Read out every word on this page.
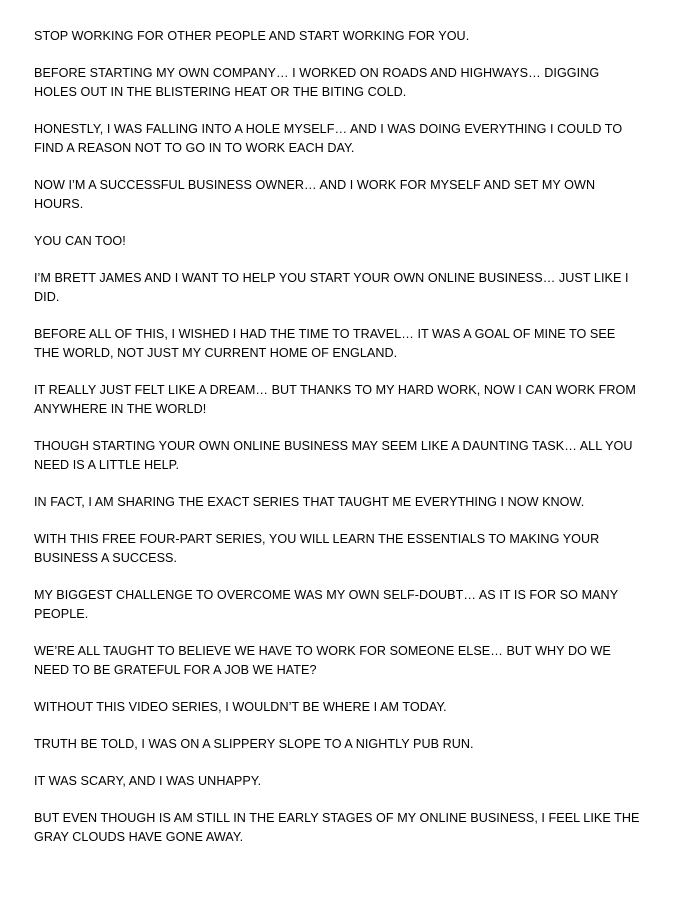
STOP WORKING FOR OTHER PEOPLE AND START WORKING FOR YOU.

BEFORE STARTING MY OWN COMPANY… I WORKED ON ROADS AND HIGHWAYS… DIGGING HOLES OUT IN THE BLISTERING HEAT OR THE BITING COLD.

HONESTLY, I WAS FALLING INTO A HOLE MYSELF… AND I WAS DOING EVERYTHING I COULD TO FIND A REASON NOT TO GO IN TO WORK EACH DAY.

NOW I’M A SUCCESSFUL BUSINESS OWNER… AND I WORK FOR MYSELF AND SET MY OWN HOURS.

YOU CAN TOO!

I’M BRETT JAMES AND I WANT TO HELP YOU START YOUR OWN ONLINE BUSINESS… JUST LIKE I DID.

BEFORE ALL OF THIS, I WISHED I HAD THE TIME TO TRAVEL… IT WAS A GOAL OF MINE TO SEE THE WORLD, NOT JUST MY CURRENT HOME OF ENGLAND.

IT REALLY JUST FELT LIKE A DREAM… BUT THANKS TO MY HARD WORK, NOW I CAN WORK FROM ANYWHERE IN THE WORLD!

THOUGH STARTING YOUR OWN ONLINE BUSINESS MAY SEEM LIKE A DAUNTING TASK… ALL YOU NEED IS A LITTLE HELP.

IN FACT, I AM SHARING THE EXACT SERIES THAT TAUGHT ME EVERYTHING I NOW KNOW.

WITH THIS FREE FOUR-PART SERIES, YOU WILL LEARN THE ESSENTIALS TO MAKING YOUR BUSINESS A SUCCESS.

MY BIGGEST CHALLENGE TO OVERCOME WAS MY OWN SELF-DOUBT… AS IT IS FOR SO MANY PEOPLE.

WE’RE ALL TAUGHT TO BELIEVE WE HAVE TO WORK FOR SOMEONE ELSE… BUT WHY DO WE NEED TO BE GRATEFUL FOR A JOB WE HATE?

WITHOUT THIS VIDEO SERIES, I WOULDN’T BE WHERE I AM TODAY.

TRUTH BE TOLD, I WAS ON A SLIPPERY SLOPE TO A NIGHTLY PUB RUN.

IT WAS SCARY, AND I WAS UNHAPPY.

BUT EVEN THOUGH IS AM STILL IN THE EARLY STAGES OF MY ONLINE BUSINESS, I FEEL LIKE THE GRAY CLOUDS HAVE GONE AWAY.
